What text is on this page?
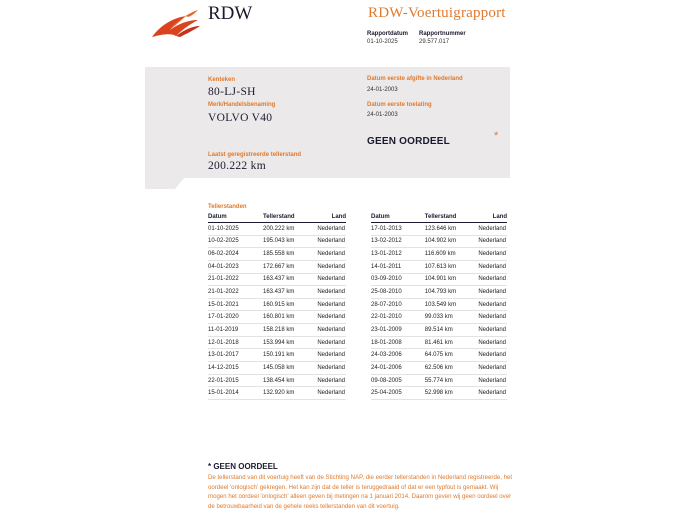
RDW	RDW-Voertuigrapport
Rapportdatum
01-10-2025
Rapportnummer
29.577.017
Kenteken
80-LJ-SH
Merk/Handelsbenaming
VOLVO V40
Laatst geregistreerde tellerstand
200.222 km
Datum eerste afgifte in Nederland
24-01-2003
Datum eerste toelating
24-01-2003
GEEN OORDEEL	*
Tellerstanden
Datum	Tellerstand	Land
01-10-2025	200.222 km	Nederland
10-02-2025	195.043 km	Nederland
06-02-2024	185.558 km	Nederland
04-01-2023	172.667 km	Nederland
21-01-2022	163.437 km	Nederland
21-01-2022	163.437 km	Nederland
15-01-2021	160.915 km	Nederland
17-01-2020	160.801 km	Nederland
11-01-2019	158.218 km	Nederland
12-01-2018	153.994 km	Nederland
13-01-2017	150.191 km	Nederland
14-12-2015	145.058 km	Nederland
22-01-2015	138.454 km	Nederland
15-01-2014	132.920 km	Nederland
Datum	Tellerstand	Land
17-01-2013	123.646 km	Nederland
13-02-2012	104.902 km	Nederland
13-01-2012	116.609 km	Nederland
14-01-2011	107.613 km	Nederland
03-09-2010	104.901 km	Nederland
25-08-2010	104.793 km	Nederland
28-07-2010	103.549 km	Nederland
22-01-2010	99.033 km	Nederland
23-01-2009	89.514 km	Nederland
18-01-2008	81.461 km	Nederland
24-03-2006	64.075 km	Nederland
24-01-2006	62.506 km	Nederland
09-08-2005	55.774 km	Nederland
25-04-2005	52.998 km	Nederland
* GEEN OORDEEL
De tellerstand van dit voertuig heeft van de Stichting NAP, die eerder tellerstanden in Nederland registreerde, het oordeel 'onlogisch' gekregen. Het kan zijn dat de teller is teruggedraaid of dat er een typfout is gemaakt. Wij mogen het oordeel 'onlogisch' alleen geven bij metingen na 1 januari 2014. Daarom geven wij geen oordeel over de betrouwbaarheid van de gehele reeks tellerstanden van dit voertuig.
